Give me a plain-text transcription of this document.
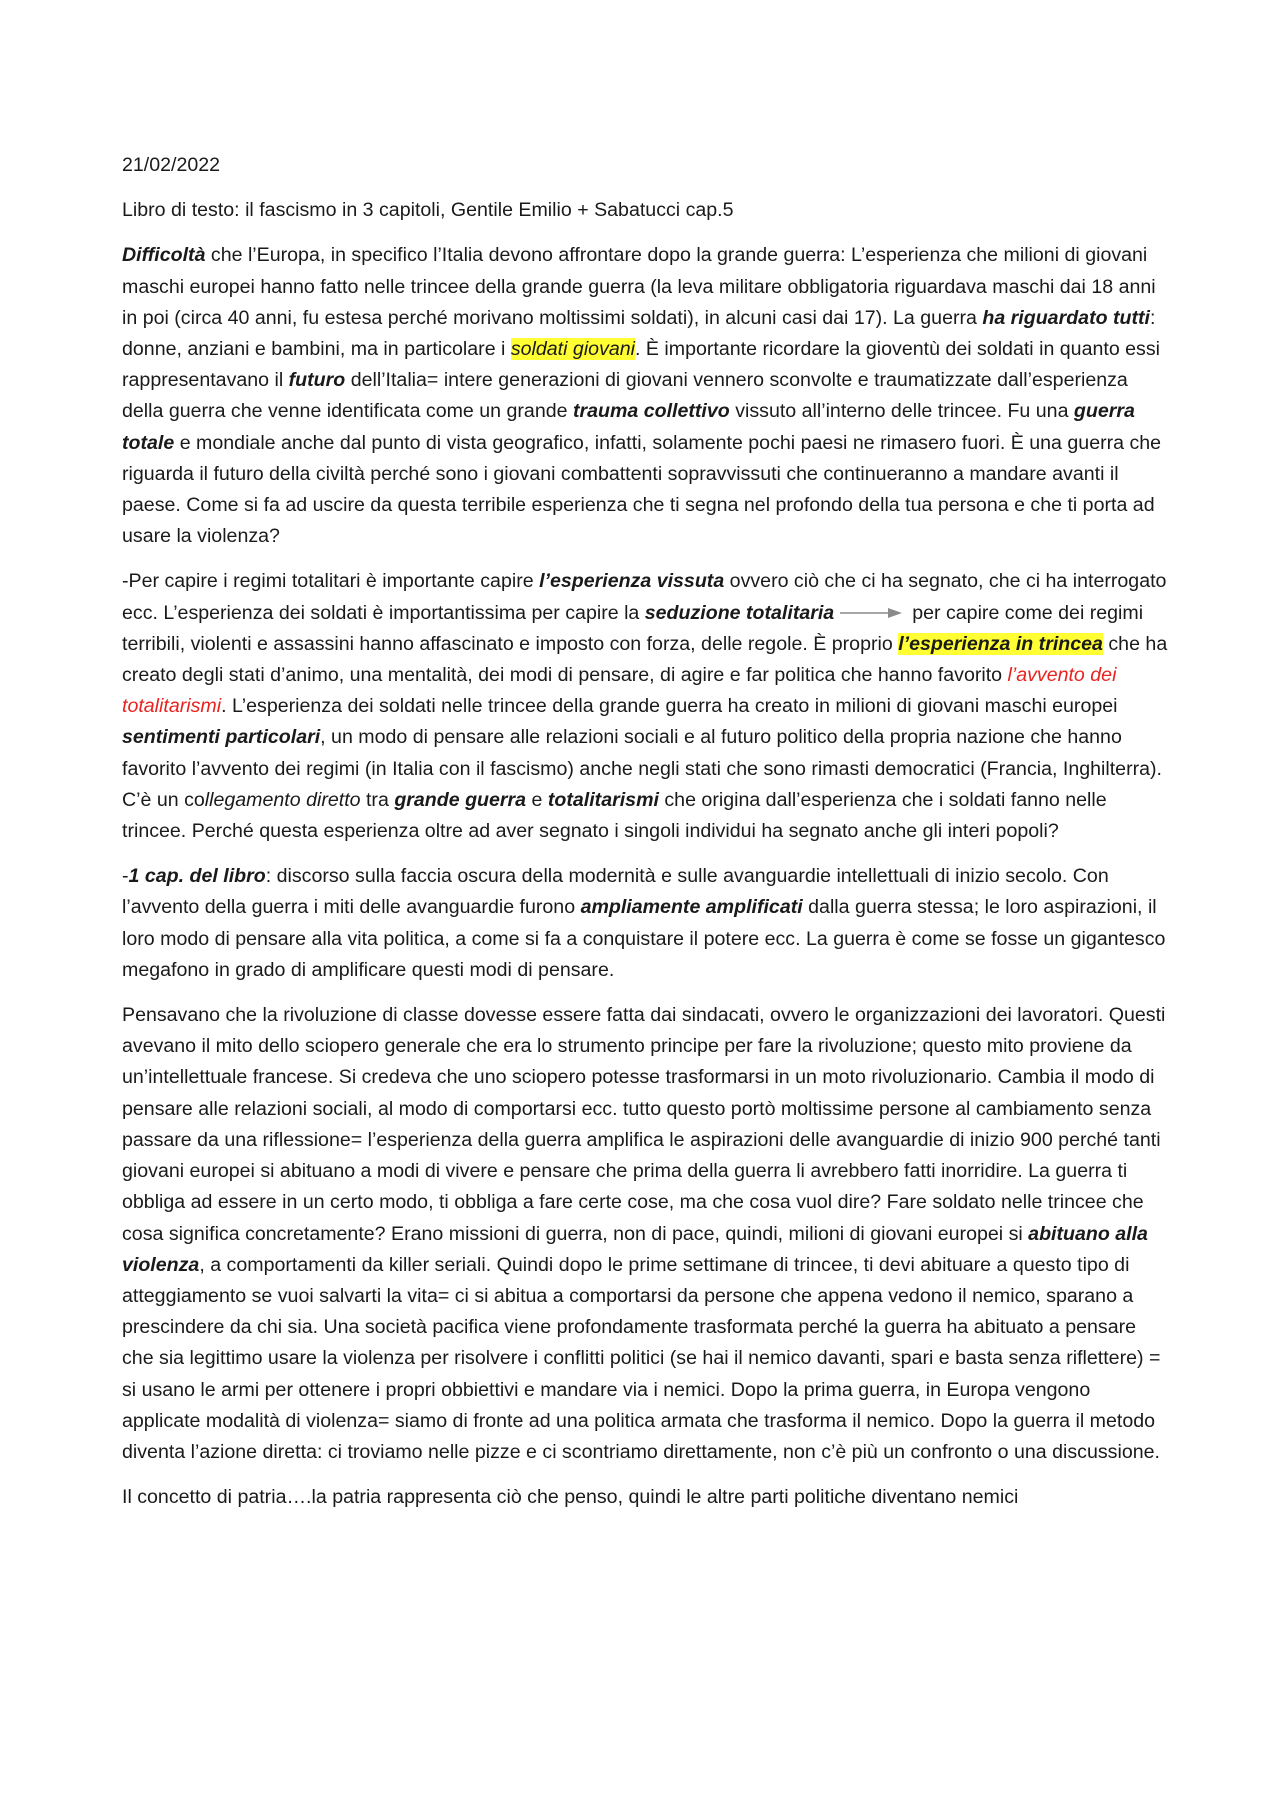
21/02/2022

Libro di testo: il fascismo in 3 capitoli, Gentile Emilio + Sabatucci cap.5

Difficoltà che l’Europa, in specifico l’Italia devono affrontare dopo la grande guerra: L’esperienza che milioni di giovani maschi europei hanno fatto nelle trincee della grande guerra (la leva militare obbligatoria riguardava maschi dai 18 anni in poi (circa 40 anni, fu estesa perché morivano moltissimi soldati), in alcuni casi dai 17). La guerra ha riguardato tutti: donne, anziani e bambini, ma in particolare i soldati giovani. È importante ricordare la gioventù dei soldati in quanto essi rappresentavano il futuro dell’Italia= intere generazioni di giovani vennero sconvolte e traumatizzate dall’esperienza della guerra che venne identificata come un grande trauma collettivo vissuto all’interno delle trincee. Fu una guerra totale e mondiale anche dal punto di vista geografico, infatti, solamente pochi paesi ne rimasero fuori. È una guerra che riguarda il futuro della civiltà perché sono i giovani combattenti sopravvissuti che continueranno a mandare avanti il paese. Come si fa ad uscire da questa terribile esperienza che ti segna nel profondo della tua persona e che ti porta ad usare la violenza?

-Per capire i regimi totalitari è importante capire l’esperienza vissuta ovvero ciò che ci ha segnato, che ci ha interrogato ecc. L’esperienza dei soldati è importantissima per capire la seduzione totalitaria	per capire come dei regimi terribili, violenti e assassini hanno affascinato e imposto con forza, delle regole. È proprio l’esperienza in trincea che ha creato degli stati d’animo, una mentalità, dei modi di pensare, di agire e far politica che hanno favorito l’avvento dei totalitarismi. L’esperienza dei soldati nelle trincee della grande guerra ha creato in milioni di giovani maschi europei sentimenti particolari, un modo di pensare alle relazioni sociali e al futuro politico della propria nazione che hanno favorito l’avvento dei regimi (in Italia con il fascismo) anche negli stati che sono rimasti democratici (Francia, Inghilterra). C’è un collegamento diretto tra grande guerra e totalitarismi che origina dall’esperienza che i soldati fanno nelle trincee. Perché questa esperienza oltre ad aver segnato i singoli individui ha segnato anche gli interi popoli?

-1 cap. del libro: discorso sulla faccia oscura della modernità e sulle avanguardie intellettuali di inizio secolo. Con l’avvento della guerra i miti delle avanguardie furono ampliamente amplificati dalla guerra stessa; le loro aspirazioni, il loro modo di pensare alla vita politica, a come si fa a conquistare il potere ecc. La guerra è come se fosse un gigantesco megafono in grado di amplificare questi modi di pensare.

Pensavano che la rivoluzione di classe dovesse essere fatta dai sindacati, ovvero le organizzazioni dei lavoratori. Questi avevano il mito dello sciopero generale che era lo strumento principe per fare la rivoluzione; questo mito proviene da un’intellettuale francese. Si credeva che uno sciopero potesse trasformarsi in un moto rivoluzionario. Cambia il modo di pensare alle relazioni sociali, al modo di comportarsi ecc. tutto questo portò moltissime persone al cambiamento senza passare da una riflessione= l’esperienza della guerra amplifica le aspirazioni delle avanguardie di inizio 900 perché tanti giovani europei si abituano a modi di vivere e pensare che prima della guerra li avrebbero fatti inorridire. La guerra ti obbliga ad essere in un certo modo, ti obbliga a fare certe cose, ma che cosa vuol dire? Fare soldato nelle trincee che cosa significa concretamente? Erano missioni di guerra, non di pace, quindi, milioni di giovani europei si abituano alla violenza, a comportamenti da killer seriali. Quindi dopo le prime settimane di trincee, ti devi abituare a questo tipo di atteggiamento se vuoi salvarti la vita= ci si abitua a comportarsi da persone che appena vedono il nemico, sparano a prescindere da chi sia. Una società pacifica viene profondamente trasformata perché la guerra ha abituato a pensare che sia legittimo usare la violenza per risolvere i conflitti politici (se hai il nemico davanti, spari e basta senza riflettere) = si usano le armi per ottenere i propri obbiettivi e mandare via i nemici. Dopo la prima guerra, in Europa vengono applicate modalità di violenza= siamo di fronte ad una politica armata che trasforma il nemico. Dopo la guerra il metodo diventa l’azione diretta: ci troviamo nelle pizze e ci scontriamo direttamente, non c’è più un confronto o una discussione.

Il concetto di patria….la patria rappresenta ciò che penso, quindi le altre parti politiche diventano nemici
